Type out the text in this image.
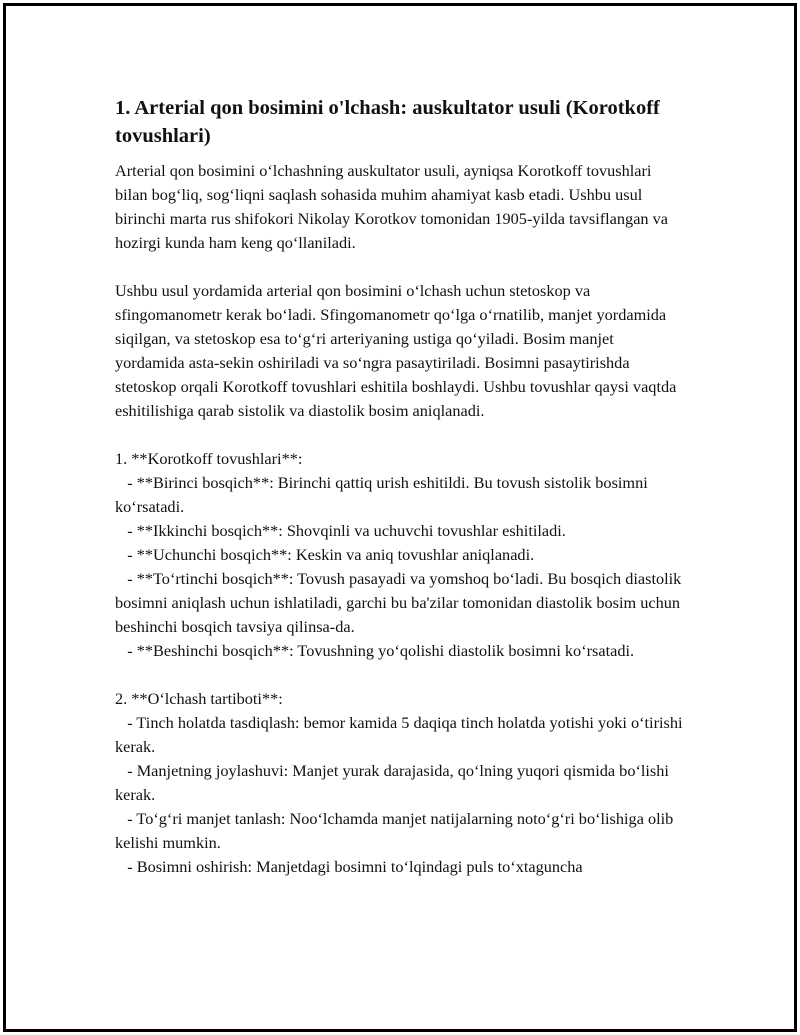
1. Arterial qon bosimini o'lchash: auskultator usuli (Korotkoff tovushlari)

Arterial qon bosimini o‘lchashning auskultator usuli, ayniqsa Korotkoff tovushlari bilan bog‘liq, sog‘liqni saqlash sohasida muhim ahamiyat kasb etadi. Ushbu usul birinchi marta rus shifokori Nikolay Korotkov tomonidan 1905-yilda tavsiflangan va hozirgi kunda ham keng qo‘llaniladi.

Ushbu usul yordamida arterial qon bosimini o‘lchash uchun stetoskop va sfingomanometr kerak bo‘ladi. Sfingomanometr qo‘lga o‘rnatilib, manjet yordamida siqilgan, va stetoskop esa to‘g‘ri arteriyaning ustiga qo‘yiladi. Bosim manjet yordamida asta-sekin oshiriladi va so‘ngra pasaytiriladi. Bosimni pasaytirishda stetoskop orqali Korotkoff tovushlari eshitila boshlaydi. Ushbu tovushlar qaysi vaqtda eshitilishiga qarab sistolik va diastolik bosim aniqlanadi.

1. **Korotkoff tovushlari**:

- **Birinci bosqich**: Birinchi qattiq urish eshitildi. Bu tovush sistolik bosimni ko‘rsatadi.

- **Ikkinchi bosqich**: Shovqinli va uchuvchi tovushlar eshitiladi.

- **Uchunchi bosqich**: Keskin va aniq tovushlar aniqlanadi.

- **To‘rtinchi bosqich**: Tovush pasayadi va yomshoq bo‘ladi. Bu bosqich diastolik bosimni aniqlash uchun ishlatiladi, garchi bu ba'zilar tomonidan diastolik bosim uchun beshinchi bosqich tavsiya qilinsa-da.

- **Beshinchi bosqich**: Tovushning yo‘qolishi diastolik bosimni ko‘rsatadi.

2. **O‘lchash tartiboti**:

- Tinch holatda tasdiqlash: bemor kamida 5 daqiqa tinch holatda yotishi yoki o‘tirishi kerak.

- Manjetning joylashuvi: Manjet yurak darajasida, qo‘lning yuqori qismida bo‘lishi kerak.

- To‘g‘ri manjet tanlash: Noo‘lchamda manjet natijalarning noto‘g‘ri bo‘lishiga olib kelishi mumkin.

- Bosimni oshirish: Manjetdagi bosimni to‘lqindagi puls to‘xtaguncha
